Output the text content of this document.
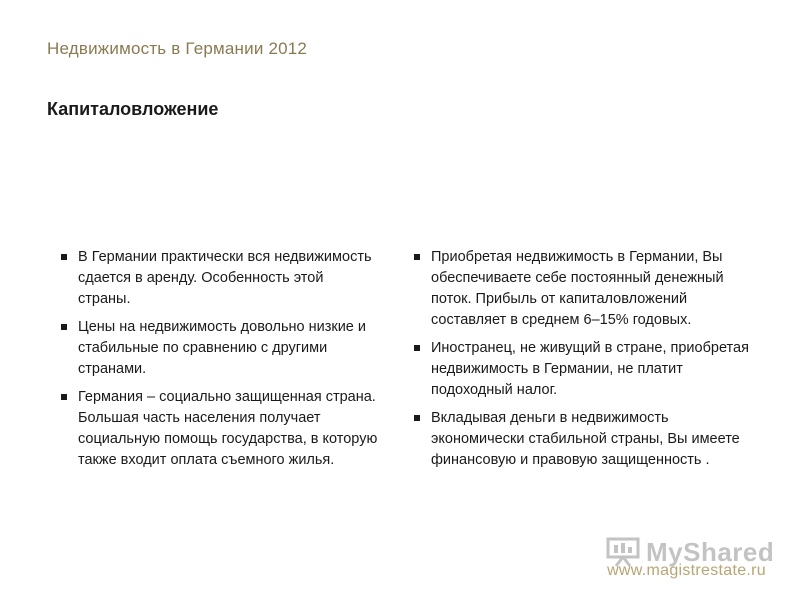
Недвижимость в Германии 2012
Капиталовложение
В Германии практически вся недвижимость сдается в аренду. Особенность этой страны.
Цены на недвижимость довольно низкие и стабильные по сравнению с другими странами.
Германия – социально защищенная страна. Большая часть населения получает социальную помощь государства, в которую также входит оплата съемного жилья.
Приобретая недвижимость в Германии, Вы обеспечиваете себе постоянный денежный поток. Прибыль от капиталовложений составляет в среднем 6–15% годовых.
Иностранец, не живущий в стране, приобретая недвижимость в Германии, не платит подоходный налог.
Вкладывая деньги в недвижимость экономически стабильной страны, Вы имеете финансовую и правовую защищенность .
MyShared
www.magistrestate.ru
